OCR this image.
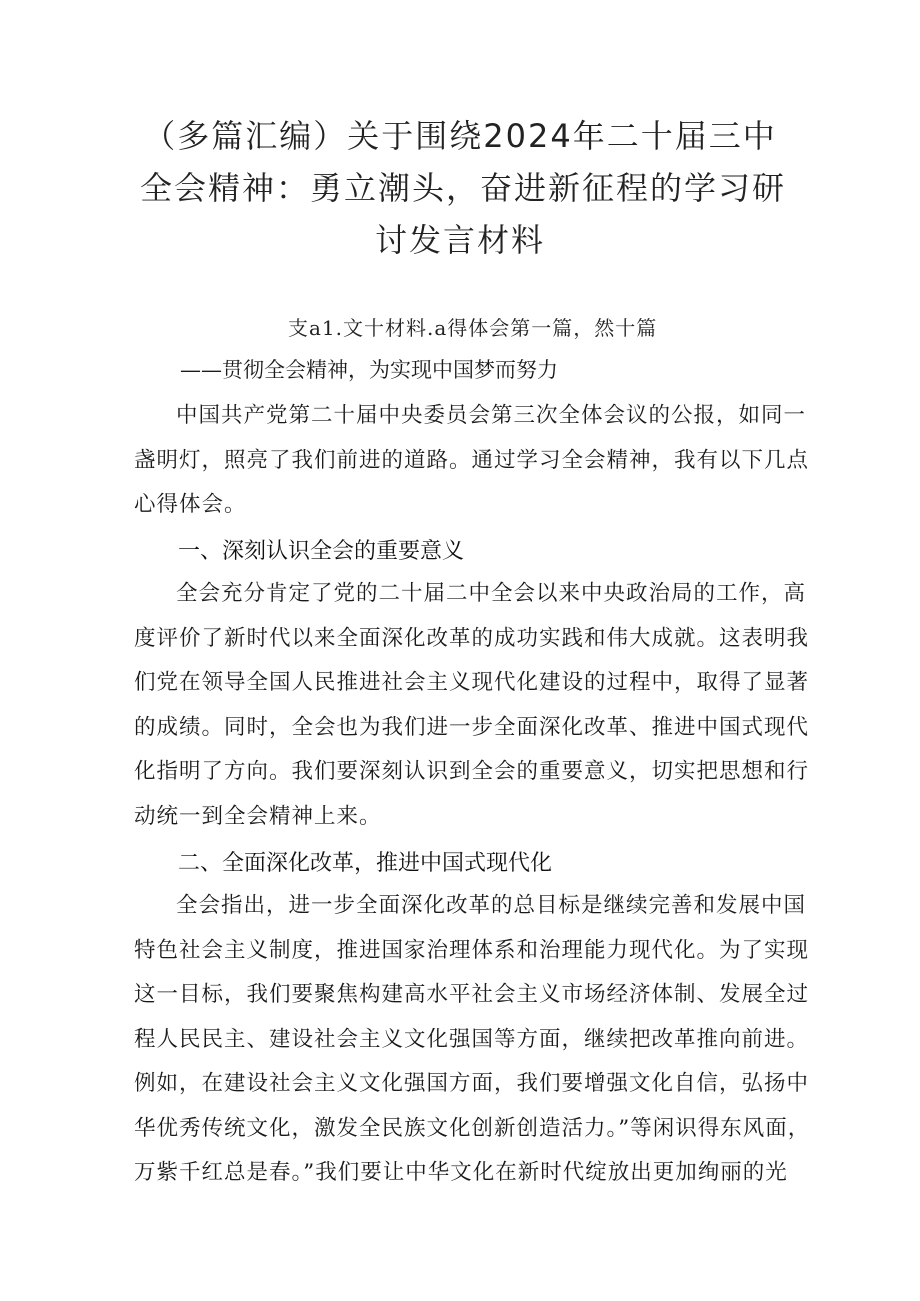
（多篇汇编）关于围绕2024年二十届三中
全会精神：勇立潮头，奋进新征程的学习研
讨发言材料
支a1.文十材料.a得体会第一篇，然十篇
——贯彻全会精神，为实现中国梦而努力
中国共产党第二十届中央委员会第三次全体会议的公报，如同一
盏明灯，照亮了我们前进的道路。通过学习全会精神，我有以下几点
心得体会。
一、深刻认识全会的重要意义
全会充分肯定了党的二十届二中全会以来中央政治局的工作，高
度评价了新时代以来全面深化改革的成功实践和伟大成就。这表明我
们党在领导全国人民推进社会主义现代化建设的过程中，取得了显著
的成绩。同时，全会也为我们进一步全面深化改革、推进中国式现代
化指明了方向。我们要深刻认识到全会的重要意义，切实把思想和行
动统一到全会精神上来。
二、全面深化改革，推进中国式现代化
全会指出，进一步全面深化改革的总目标是继续完善和发展中国
特色社会主义制度，推进国家治理体系和治理能力现代化。为了实现
这一目标，我们要聚焦构建高水平社会主义市场经济体制、发展全过
程人民民主、建设社会主义文化强国等方面，继续把改革推向前进。
例如，在建设社会主义文化强国方面，我们要增强文化自信，弘扬中
华优秀传统文化，激发全民族文化创新创造活力。”等闲识得东风面，
万紫千红总是春。”我们要让中华文化在新时代绽放出更加绚丽的光
